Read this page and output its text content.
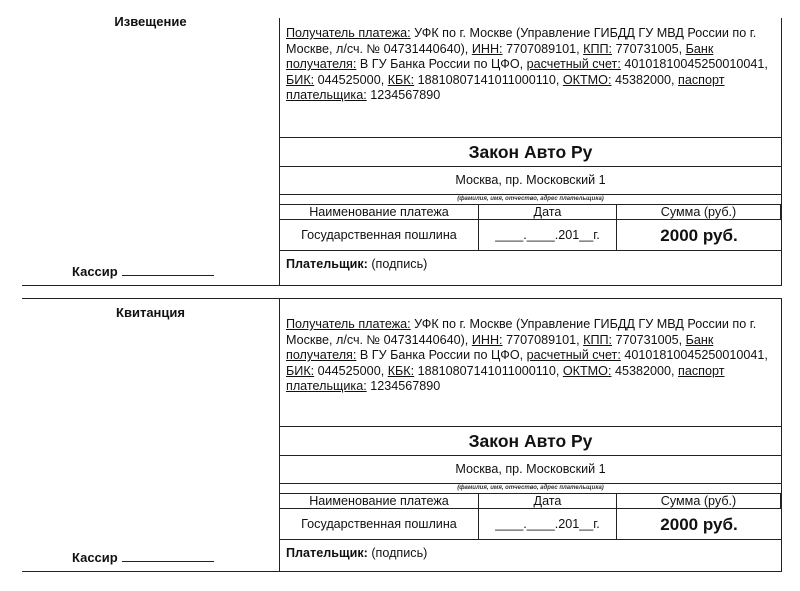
Извещение
Кассир
Получатель платежа: УФК по г. Москве (Управление ГИБДД ГУ МВД России по г. Москве, л/сч. № 04731440640), ИНН: 7707089101, КПП: 770731005, Банк получателя: В ГУ Банка России по ЦФО, расчетный счет: 40101810045250010041, БИК: 044525000, КБК: 18810807141011000110, ОКТМО: 45382000, паспорт плательщика: 1234567890
Закон Авто Ру
Москва, пр. Московский 1
(фамилия, имя, отчество, адрес плательщика)
Наименование платежа	Дата	Сумма (руб.)
Государственная пошлина	____.____.201__г.	2000 руб.
Плательщик: (подпись)
Квитанция
Кассир
Получатель платежа: УФК по г. Москве (Управление ГИБДД ГУ МВД России по г. Москве, л/сч. № 04731440640), ИНН: 7707089101, КПП: 770731005, Банк получателя: В ГУ Банка России по ЦФО, расчетный счет: 40101810045250010041, БИК: 044525000, КБК: 18810807141011000110, ОКТМО: 45382000, паспорт плательщика: 1234567890
Закон Авто Ру
Москва, пр. Московский 1
(фамилия, имя, отчество, адрес плательщика)
Наименование платежа	Дата	Сумма (руб.)
Государственная пошлина	____.____.201__г.	2000 руб.
Плательщик: (подпись)
